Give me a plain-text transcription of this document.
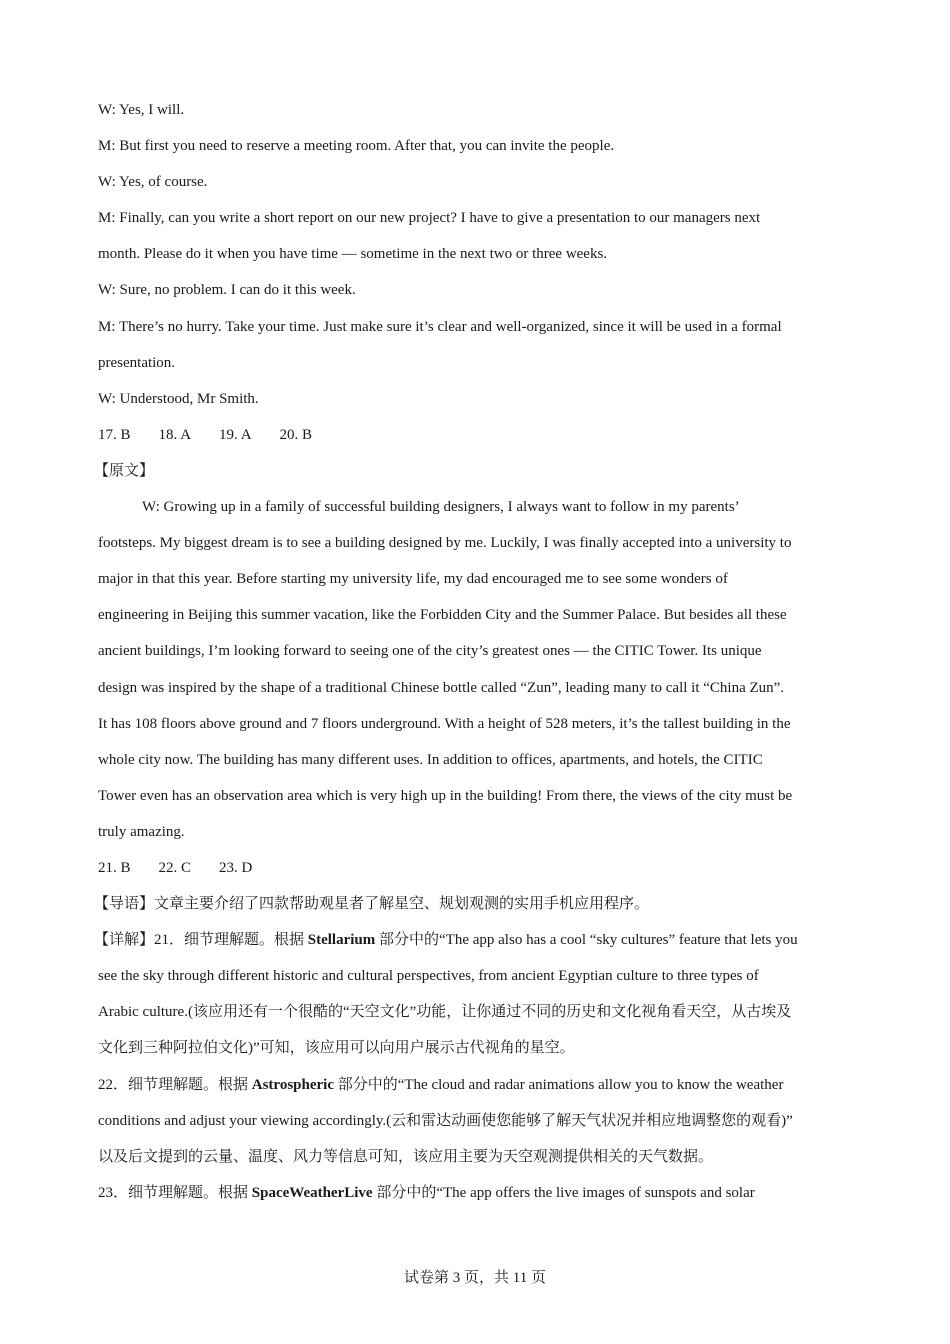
W: Yes, I will.

M: But first you need to reserve a meeting room. After that, you can invite the people.

W: Yes, of course.

M: Finally, can you write a short report on our new project? I have to give a presentation to our managers next

month. Please do it when you have time — sometime in the next two or three weeks.

W: Sure, no problem. I can do it this week.

M: There’s no hurry. Take your time. Just make sure it’s clear and well-organized, since it will be used in a formal

presentation.

W: Understood, Mr Smith.

17. B 18. A 19. A 20. B

【原文】

W: Growing up in a family of successful building designers, I always want to follow in my parents’

footsteps. My biggest dream is to see a building designed by me. Luckily, I was finally accepted into a university to

major in that this year. Before starting my university life, my dad encouraged me to see some wonders of

engineering in Beijing this summer vacation, like the Forbidden City and the Summer Palace. But besides all these

ancient buildings, I’m looking forward to seeing one of the city’s greatest ones — the CITIC Tower. Its unique

design was inspired by the shape of a traditional Chinese bottle called “Zun”, leading many to call it “China Zun”.

It has 108 floors above ground and 7 floors underground. With a height of 528 meters, it’s the tallest building in the

whole city now. The building has many different uses. In addition to offices, apartments, and hotels, the CITIC

Tower even has an observation area which is very high up in the building! From there, the views of the city must be

truly amazing.

21. B 22. C 23. D

【导语】文章主要介绍了四款帮助观星者了解星空、规划观测的实用手机应用程序。

【详解】21．细节理解题。根据 Stellarium 部分中的“The app also has a cool “sky cultures” feature that lets you

see the sky through different historic and cultural perspectives, from ancient Egyptian culture to three types of

Arabic culture.(该应用还有一个很酷的“天空文化”功能，让你通过不同的历史和文化视角看天空，从古埃及

文化到三种阿拉伯文化)”可知，该应用可以向用户展示古代视角的星空。

22．细节理解题。根据 Astrospheric 部分中的“The cloud and radar animations allow you to know the weather

conditions and adjust your viewing accordingly.(云和雷达动画使您能够了解天气状况并相应地调整您的观看)”

以及后文提到的云量、温度、风力等信息可知，该应用主要为天空观测提供相关的天气数据。

23．细节理解题。根据 SpaceWeatherLive 部分中的“The app offers the live images of sunspots and solar

试卷第 3 页，共 11 页
